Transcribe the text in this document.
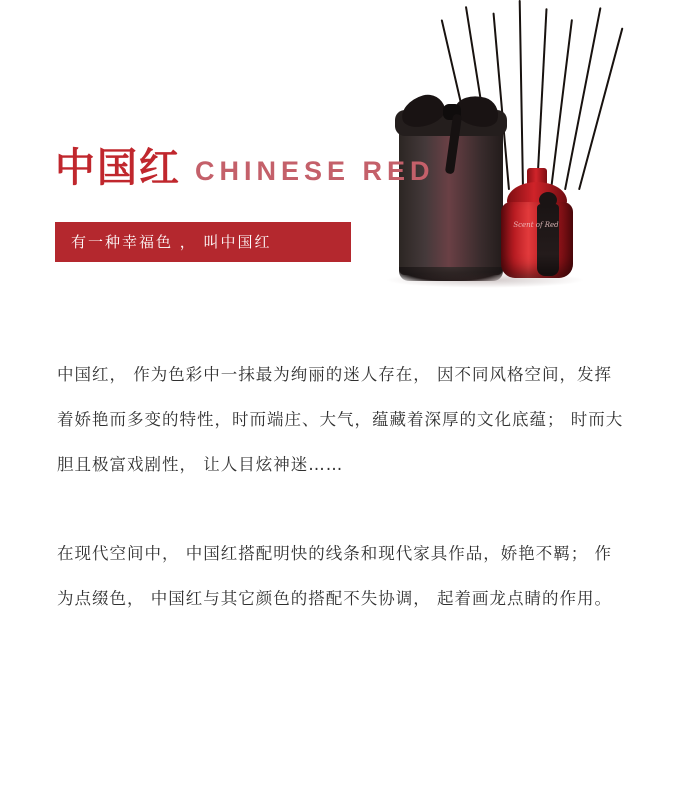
Scent of Red
中国红 CHINESE RED
有一种幸福色 ， 叫中国红

中国红， 作为色彩中一抹最为绚丽的迷人存在， 因不同风格空间，发挥着娇艳而多变的特性，时而端庄、大气，蕴藏着深厚的文化底蕴； 时而大胆且极富戏剧性， 让人目炫神迷……

在现代空间中， 中国红搭配明快的线条和现代家具作品，娇艳不羁； 作为点缀色， 中国红与其它颜色的搭配不失协调， 起着画龙点睛的作用。
